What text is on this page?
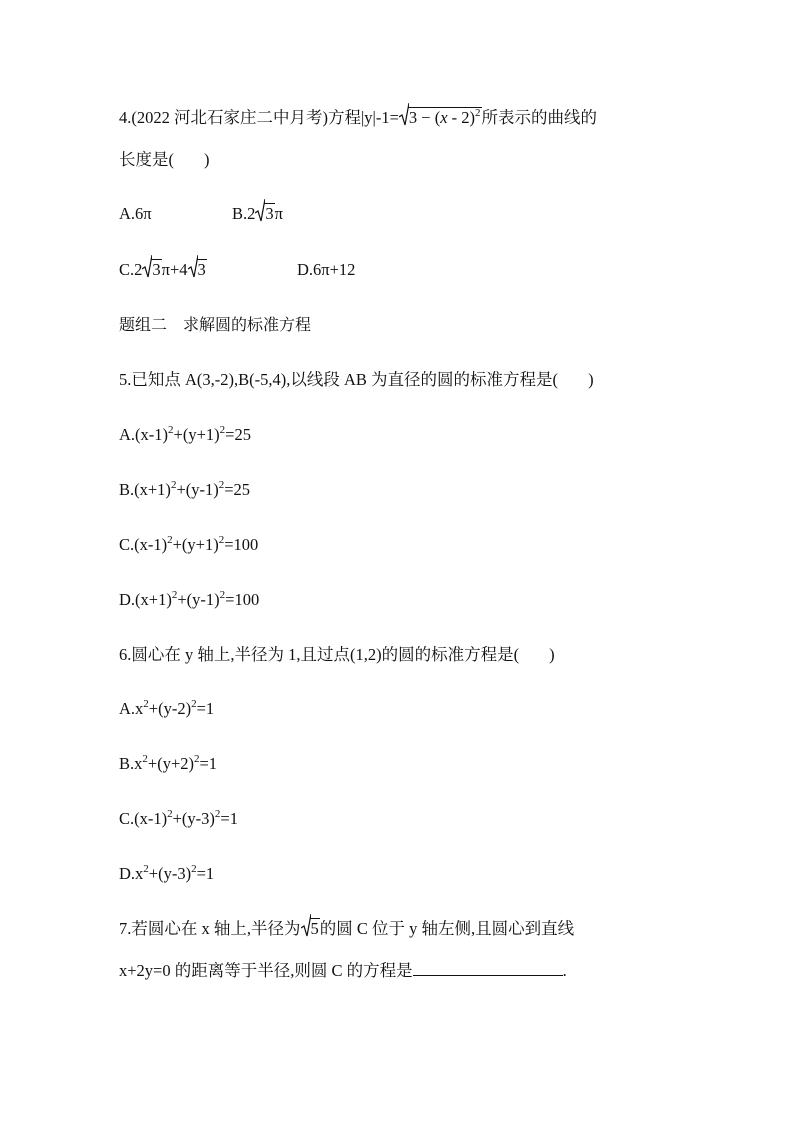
4.(2022 河北石家庄二中月考)方程|y|-1= 3 − (x - 2)$^2$所表示的曲线的
长度是( )
A.6π	B.2 3π
C.2 3π+4 3	D.6π+12
题组二　求解圆的标准方程
5.已知点 A(3,-2),B(-5,4),以线段 AB 为直径的圆的标准方程是( )
$A.(x-1)^2+(y+1)^2=25$
$B.(x+1)^2+(y-1)^2=25$
$C.(x-1)^2+(y+1)^2=100$
$D.(x+1)^2+(y-1)^2=100$
6.圆心在 y 轴上,半径为 1,且过点(1,2)的圆的标准方程是( )
$A.x^2+(y-2)^2=1$
$B.x^2+(y+2)^2=1$
$C.(x-1)^2+(y-3)^2=1$
$D.x^2+(y-3)^2=1$
7.若圆心在 x 轴上,半径为 5的圆 C 位于 y 轴左侧,且圆心到直线
x+2y=0 的距离等于半径,则圆 C 的方程是	.
